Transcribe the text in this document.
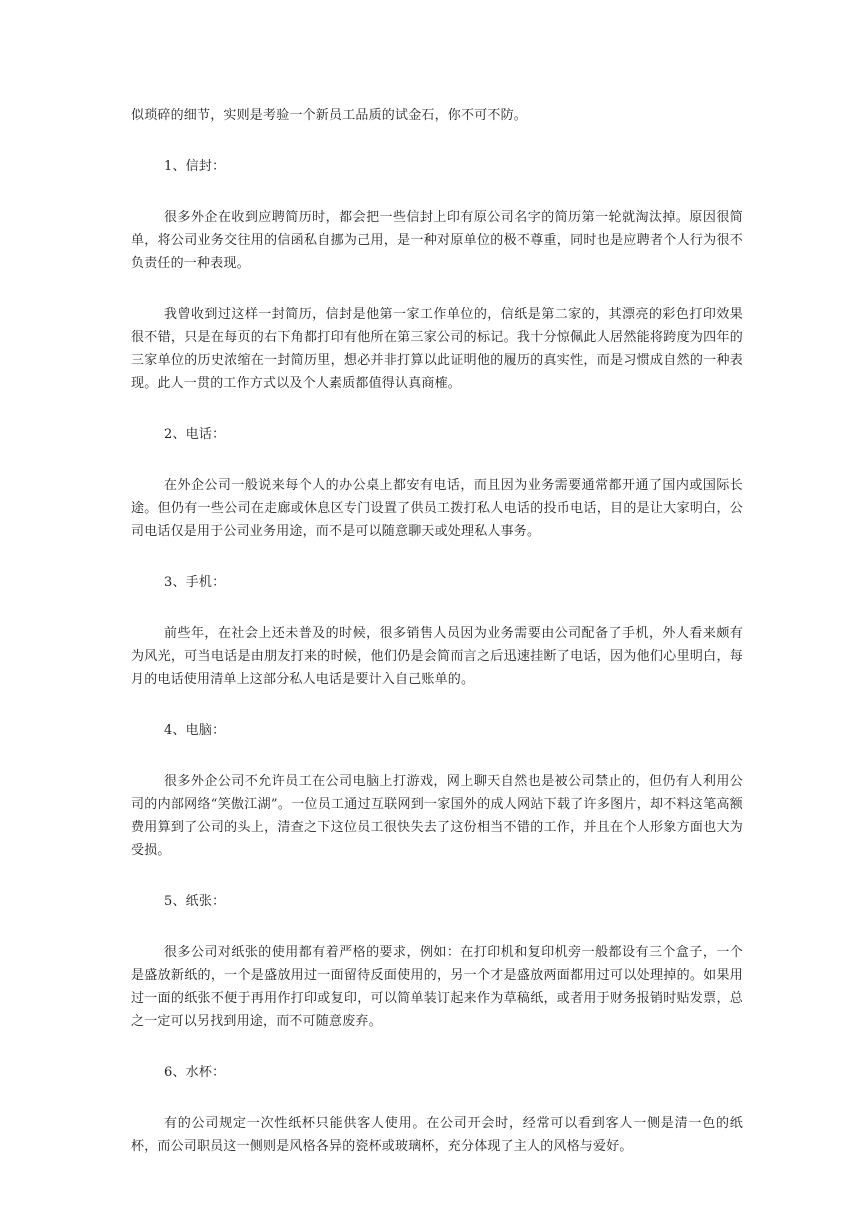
似琐碎的细节，实则是考验一个新员工品质的试金石，你不可不防。

1、信封：

很多外企在收到应聘简历时，都会把一些信封上印有原公司名字的简历第一轮就淘汰掉。原因很简单，将公司业务交往用的信函私自挪为己用，是一种对原单位的极不尊重，同时也是应聘者个人行为很不负责任的一种表现。

我曾收到过这样一封简历，信封是他第一家工作单位的，信纸是第二家的，其漂亮的彩色打印效果很不错，只是在每页的右下角都打印有他所在第三家公司的标记。我十分惊佩此人居然能将跨度为四年的三家单位的历史浓缩在一封简历里，想必并非打算以此证明他的履历的真实性，而是习惯成自然的一种表现。此人一贯的工作方式以及个人素质都值得认真商榷。

2、电话：

在外企公司一般说来每个人的办公桌上都安有电话，而且因为业务需要通常都开通了国内或国际长途。但仍有一些公司在走廊或休息区专门设置了供员工拨打私人电话的投币电话，目的是让大家明白，公司电话仅是用于公司业务用途，而不是可以随意聊天或处理私人事务。

3、手机：

前些年，在社会上还未普及的时候，很多销售人员因为业务需要由公司配备了手机，外人看来颇有为风光，可当电话是由朋友打来的时候，他们仍是会简而言之后迅速挂断了电话，因为他们心里明白，每月的电话使用清单上这部分私人电话是要计入自己账单的。

4、电脑：

很多外企公司不允许员工在公司电脑上打游戏，网上聊天自然也是被公司禁止的，但仍有人利用公司的内部网络“笑傲江湖”。一位员工通过互联网到一家国外的成人网站下载了许多图片，却不料这笔高额费用算到了公司的头上，清查之下这位员工很快失去了这份相当不错的工作，并且在个人形象方面也大为受损。

5、纸张：

很多公司对纸张的使用都有着严格的要求，例如：在打印机和复印机旁一般都设有三个盒子，一个是盛放新纸的，一个是盛放用过一面留待反面使用的，另一个才是盛放两面都用过可以处理掉的。如果用过一面的纸张不便于再用作打印或复印，可以简单装订起来作为草稿纸，或者用于财务报销时贴发票，总之一定可以另找到用途，而不可随意废弃。

6、水杯：

有的公司规定一次性纸杯只能供客人使用。在公司开会时，经常可以看到客人一侧是清一色的纸杯，而公司职员这一侧则是风格各异的瓷杯或玻璃杯，充分体现了主人的风格与爱好。
